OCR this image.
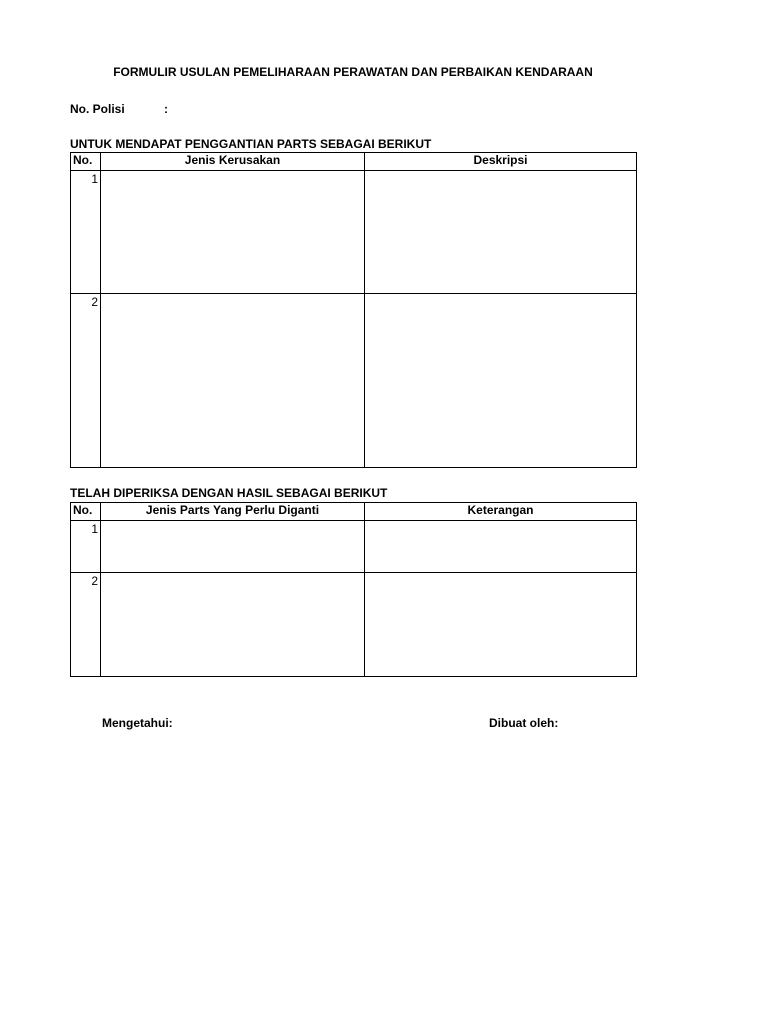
FORMULIR USULAN PEMELIHARAAN PERAWATAN DAN PERBAIKAN KENDARAAN
No. Polisi	:
UNTUK MENDAPAT PENGGANTIAN PARTS SEBAGAI BERIKUT
No.	Jenis Kerusakan	Deskripsi
1		
2		
TELAH DIPERIKSA DENGAN HASIL SEBAGAI BERIKUT
No.	Jenis Parts Yang Perlu Diganti	Keterangan
1		
2		
Mengetahui:	Dibuat oleh:
